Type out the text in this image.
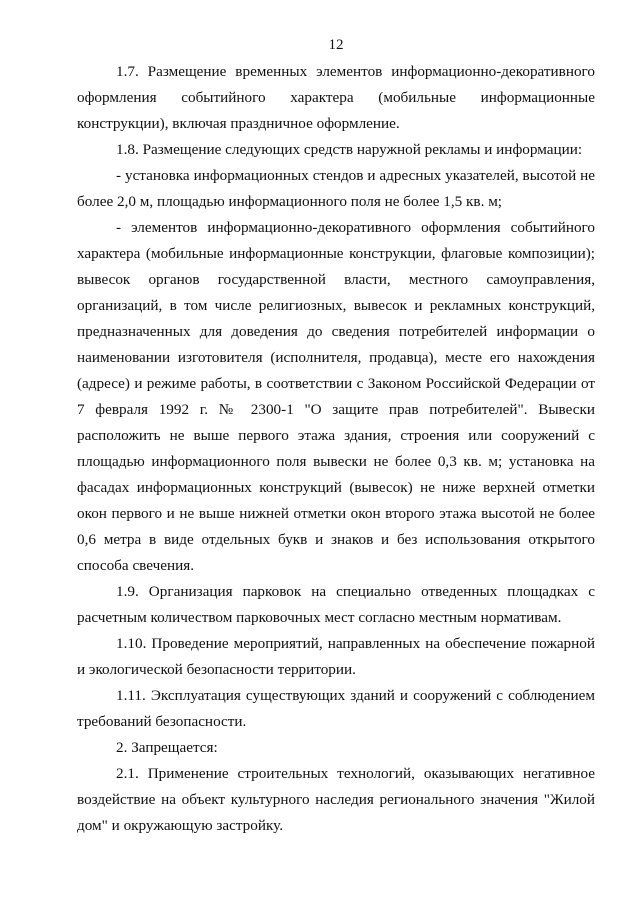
12

1.7. Размещение временных элементов информационно-декоративного оформления событийного характера (мобильные информационные конструкции), включая праздничное оформление.

1.8. Размещение следующих средств наружной рекламы и информации:

- установка информационных стендов и адресных указателей, высотой не более 2,0 м, площадью информационного поля не более 1,5 кв. м;

- элементов информационно-декоративного оформления событийного характера (мобильные информационные конструкции, флаговые композиции); вывесок органов государственной власти, местного самоуправления, организаций, в том числе религиозных, вывесок и рекламных конструкций, предназначенных для доведения до сведения потребителей информации о наименовании изготовителя (исполнителя, продавца), месте его нахождения (адресе) и режиме работы, в соответствии с Законом Российской Федерации от 7 февраля 1992 г. № 2300-1 "О защите прав потребителей". Вывески расположить не выше первого этажа здания, строения или сооружений с площадью информационного поля вывески не более 0,3 кв. м; установка на фасадах информационных конструкций (вывесок) не ниже верхней отметки окон первого и не выше нижней отметки окон второго этажа высотой не более 0,6 метра в виде отдельных букв и знаков и без использования открытого способа свечения.

1.9. Организация парковок на специально отведенных площадках с расчетным количеством парковочных мест согласно местным нормативам.

1.10. Проведение мероприятий, направленных на обеспечение пожарной и экологической безопасности территории.

1.11. Эксплуатация существующих зданий и сооружений с соблюдением требований безопасности.

2. Запрещается:

2.1. Применение строительных технологий, оказывающих негативное воздействие на объект культурного наследия регионального значения "Жилой дом" и окружающую застройку.
